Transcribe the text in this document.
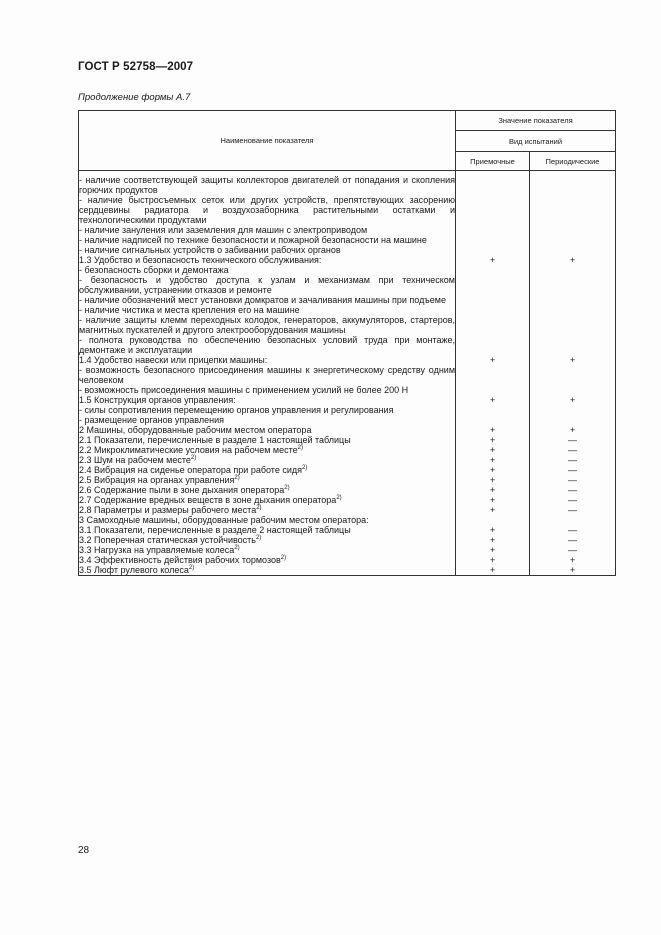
ГОСТ Р 52758—2007
Продолжение формы А.7
Наименование показателя	Значение показателя	
	Вид испытаний	
	Приемочные	Периодические
- наличие соответствующей защиты коллекторов двигателей от попадания и скопления горючих продуктов		
- наличие быстросъемных сеток или других устройств, препятствующих засорению сердцевины радиатора и воздухозаборника растительными остатками и технологическими продуктами		
- наличие зануления или заземления для машин с электроприводом		
- наличие надписей по технике безопасности и пожарной безопасности на машине		
- наличие сигнальных устройств о забивании рабочих органов		
1.3 Удобство и безопасность технического обслуживания:	+	+
- безопасность сборки и демонтажа		
- безопасность и удобство доступа к узлам и механизмам при техническом обслуживании, устранении отказов и ремонте		
- наличие обозначений мест установки домкратов и зачаливания машины при подъеме		
- наличие чистика и места крепления его на машине		
- наличие защиты клемм переходных колодок, генераторов, аккумуляторов, стартеров, магнитных пускателей и другого электрооборудования машины		
- полнота руководства по обеспечению безопасных условий труда при монтаже, демонтаже и эксплуатации		
1.4 Удобство навески или прицепки машины:	+	+
- возможность безопасного присоединения машины к энергетическому средству одним человеком		
- возможность присоединения машины с применением усилий не более 200 Н		
1.5 Конструкция органов управления:	+	+
- силы сопротивления перемещению органов управления и регулирования		
- размещение органов управления		
2 Машины, оборудованные рабочим местом оператора	+	+
2.1 Показатели, перечисленные в разделе 1 настоящей таблицы	+	—
2.2 Микроклиматические условия на рабочем месте$^{2)}$	+	—
2.3 Шум на рабочем месте$^{2)}$	+	—
2.4 Вибрация на сиденье оператора при работе сидя$^{2)}$	+	—
2.5 Вибрация на органах управления$^{2)}$	+	—
2.6 Содержание пыли в зоне дыхания оператора$^{2)}$	+	—
2.7 Содержание вредных веществ в зоне дыхания оператора$^{2)}$	+	—
2.8 Параметры и размеры рабочего места$^{2)}$	+	—
3 Самоходные машины, оборудованные рабочим местом оператора:		
3.1 Показатели, перечисленные в разделе 2 настоящей таблицы	+	—
3.2 Поперечная статическая устойчивость$^{2)}$	+	—
3.3 Нагрузка на управляемые колеса$^{2)}$	+	—
3.4 Эффективность действия рабочих тормозов$^{2)}$	+	+
3.5 Люфт рулевого колеса$^{2)}$	+	+
28
